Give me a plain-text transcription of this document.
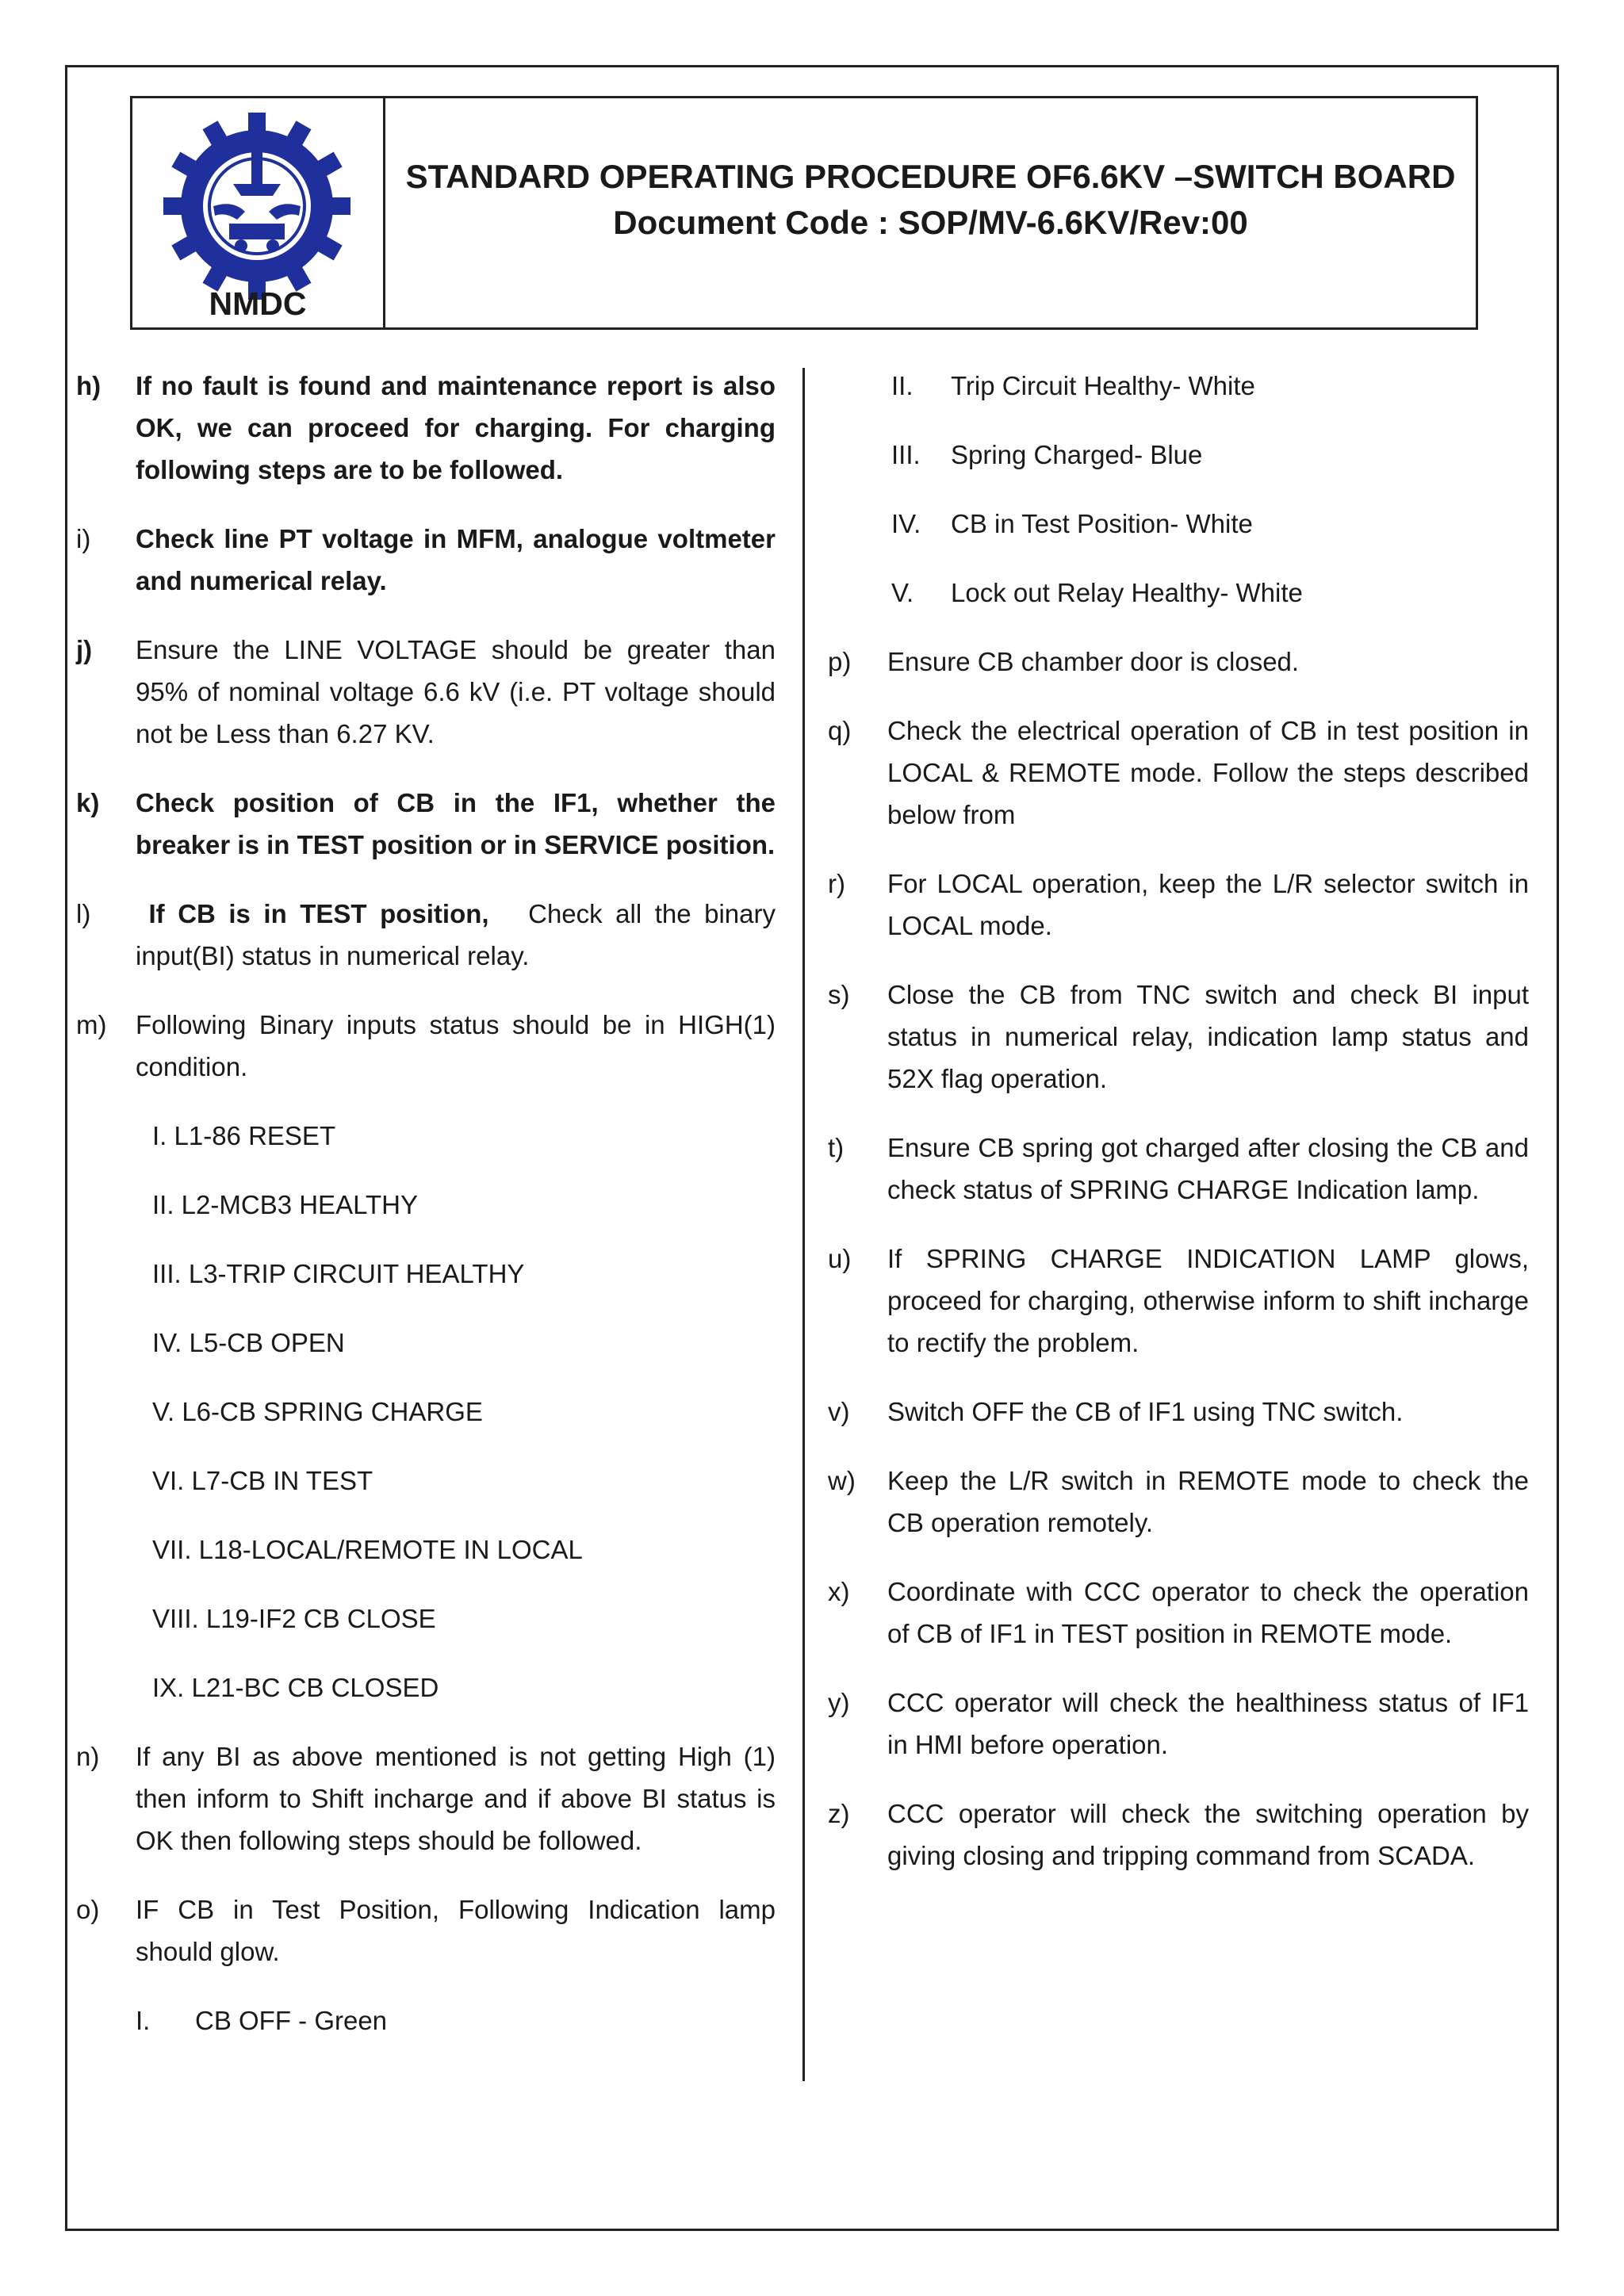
NMDC
STANDARD OPERATING PROCEDURE OF6.6KV –SWITCH BOARD
Document Code : SOP/MV-6.6KV/Rev:00
h)	If no fault is found and maintenance report is also OK, we can proceed for charging. For charging following steps are to be followed.
i)	Check line PT voltage in MFM, analogue voltmeter and numerical relay.
j)	Ensure the LINE VOLTAGE should be greater than 95% of nominal voltage 6.6 kV (i.e. PT voltage should not be Less than 6.27 KV.
k)	Check position of CB in the IF1, whether the breaker is in TEST position or in SERVICE position.
l)	If CB is in TEST position, Check all the binary input(BI) status in numerical relay.
m)	Following Binary inputs status should be in HIGH(1) condition.
I. L1-86 RESET
II. L2-MCB3 HEALTHY
III. L3-TRIP CIRCUIT HEALTHY
IV. L5-CB OPEN
V. L6-CB SPRING CHARGE
VI. L7-CB IN TEST
VII. L18-LOCAL/REMOTE IN LOCAL
VIII. L19-IF2 CB CLOSE
IX. L21-BC CB CLOSED
n)	If any BI as above mentioned is not getting High (1) then inform to Shift incharge and if above BI status is OK then following steps should be followed.
o)	IF CB in Test Position, Following Indication lamp should glow.
I.	CB OFF - Green
II.	Trip Circuit Healthy- White
III.	Spring Charged- Blue
IV.	CB in Test Position- White
V.	Lock out Relay Healthy- White
p)	Ensure CB chamber door is closed.
q)	Check the electrical operation of CB in test position in LOCAL & REMOTE mode. Follow the steps described below from
r)	For LOCAL operation, keep the L/R selector switch in LOCAL mode.
s)	Close the CB from TNC switch and check BI input status in numerical relay, indication lamp status and 52X flag operation.
t)	Ensure CB spring got charged after closing the CB and check status of SPRING CHARGE Indication lamp.
u)	If SPRING CHARGE INDICATION LAMP glows, proceed for charging, otherwise inform to shift incharge to rectify the problem.
v)	Switch OFF the CB of IF1 using TNC switch.
w)	Keep the L/R switch in REMOTE mode to check the CB operation remotely.
x)	Coordinate with CCC operator to check the operation of CB of IF1 in TEST position in REMOTE mode.
y)	CCC operator will check the healthiness status of IF1 in HMI before operation.
z)	CCC operator will check the switching operation by giving closing and tripping command from SCADA.
